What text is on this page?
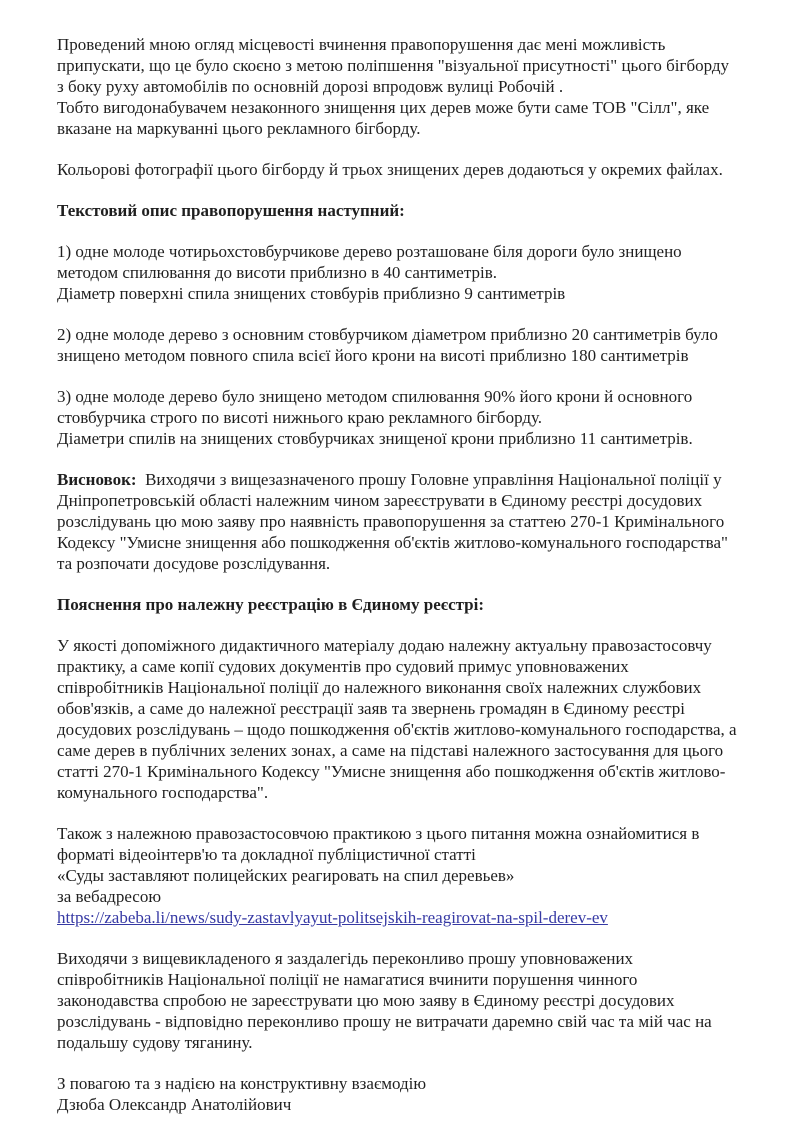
Проведений мною огляд місцевості вчинення правопорушення дає мені можливість
припускати, що це було скоєно з метою поліпшення "візуальної присутності" цього бігборду
з боку руху автомобілів по основній дорозі впродовж вулиці Робочій .
Тобто вигодонабувачем незаконного знищення цих дерев може бути саме ТОВ "Сілл", яке
вказане на маркуванні цього рекламного бігборду.
Кольорові фотографії цього бігборду й трьох знищених дерев додаються у окремих файлах.
Текстовий опис правопорушення наступний:
1) одне молоде чотирьохстовбурчикове дерево розташоване біля дороги було знищено
методом спилювання до висоти приблизно в 40 сантиметрів.
Діаметр поверхні спила знищених стовбурів приблизно 9 сантиметрів
2) одне молоде дерево з основним стовбурчиком діаметром приблизно 20 сантиметрів було
знищено методом повного спила всієї його крони на висоті приблизно 180 сантиметрів
3) одне молоде дерево було знищено методом спилювання 90% його крони й основного
стовбурчика строго по висоті нижнього краю рекламного бігборду.
Діаметри спилів на знищених стовбурчиках знищеної крони приблизно 11 сантиметрів.
Висновок:  Виходячи з вищезазначеного прошу Головне управління Національної поліції у
Дніпропетровській області належним чином зареєструвати в Єдиному реєстрі досудових
розслідувань цю мою заяву про наявність правопорушення за статтею 270-1 Кримінального
Кодексу "Умисне знищення або пошкодження об'єктів житлово-комунального господарства"
та розпочати досудове розслідування.
Пояснення про належну реєстрацію в Єдиному реєстрі:
У якості допоміжного дидактичного матеріалу додаю належну актуальну правозастосовчу
практику, а саме копії судових документів про судовий примус уповноважених
співробітників Національної поліції до належного виконання своїх належних службових
обов'язків, а саме до належної реєстрації заяв та звернень громадян в Єдиному реєстрі
досудових розслідувань – щодо пошкодження об'єктів житлово-комунального господарства, а
саме дерев в публічних зелених зонах, а саме на підставі належного застосування для цього
статті 270-1 Кримінального Кодексу "Умисне знищення або пошкодження об'єктів житлово-
комунального господарства".
Також з належною правозастосовчою практикою з цього питання можна ознайомитися в
форматі відеоінтерв'ю та докладної публіцистичної статті
«Суды заставляют полицейских реагировать на спил деревьев»
за вебадресою
https://zabeba.li/news/sudy-zastavlyayut-politsejskih-reagirovat-na-spil-derev-ev
Виходячи з вищевикладеного я заздалегідь переконливо прошу уповноважених
співробітників Національної поліції не намагатися вчинити порушення чинного
законодавства спробою не зареєструвати цю мою заяву в Єдиному реєстрі досудових
розслідувань - відповідно переконливо прошу не витрачати даремно свій час та мій час на
подальшу судову тяганину.
З повагою та з надією на конструктивну взаємодію
Дзюба Олександр Анатолійович
